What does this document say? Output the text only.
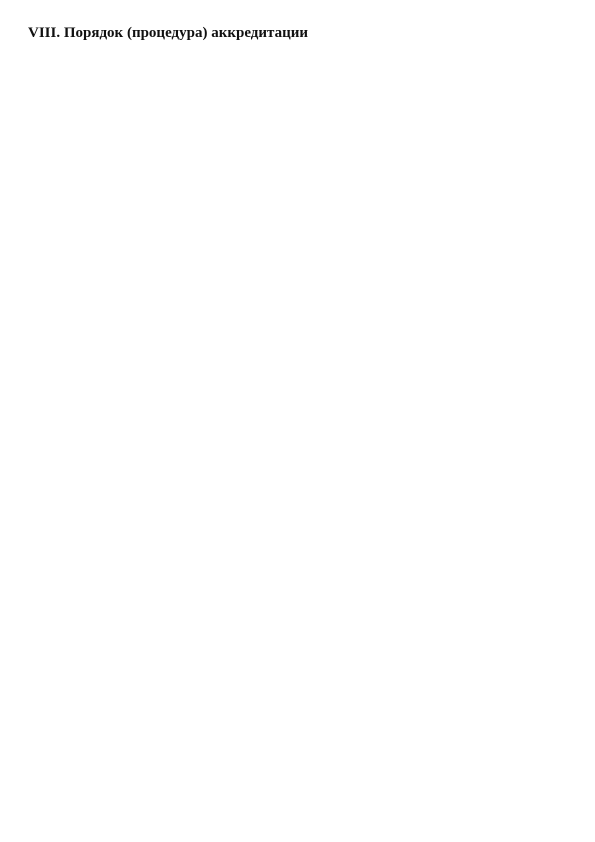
VIII. Порядок (процедура) аккредитации
